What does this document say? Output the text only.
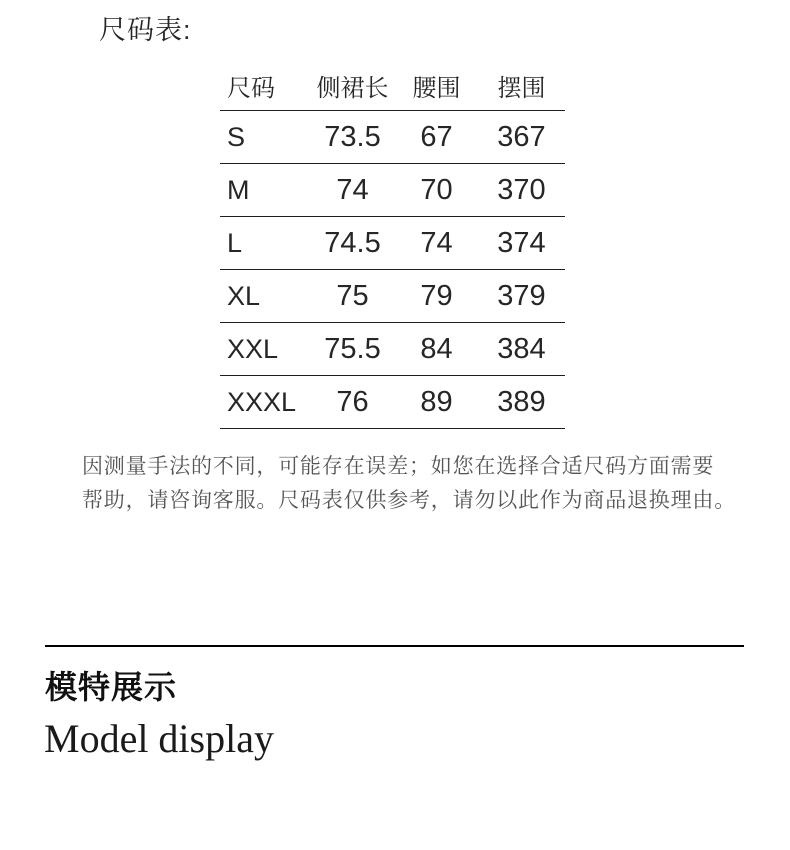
尺码表:
尺码	侧裙长	腰围	摆围
S	73.5	67	367
M	74	70	370
L	74.5	74	374
XL	75	79	379
XXL	75.5	84	384
XXXL	76	89	389
因测量手法的不同，可能存在误差；如您在选择合适尺码方面需要
帮助，请咨询客服。尺码表仅供参考，请勿以此作为商品退换理由。
模特展示
Model display
